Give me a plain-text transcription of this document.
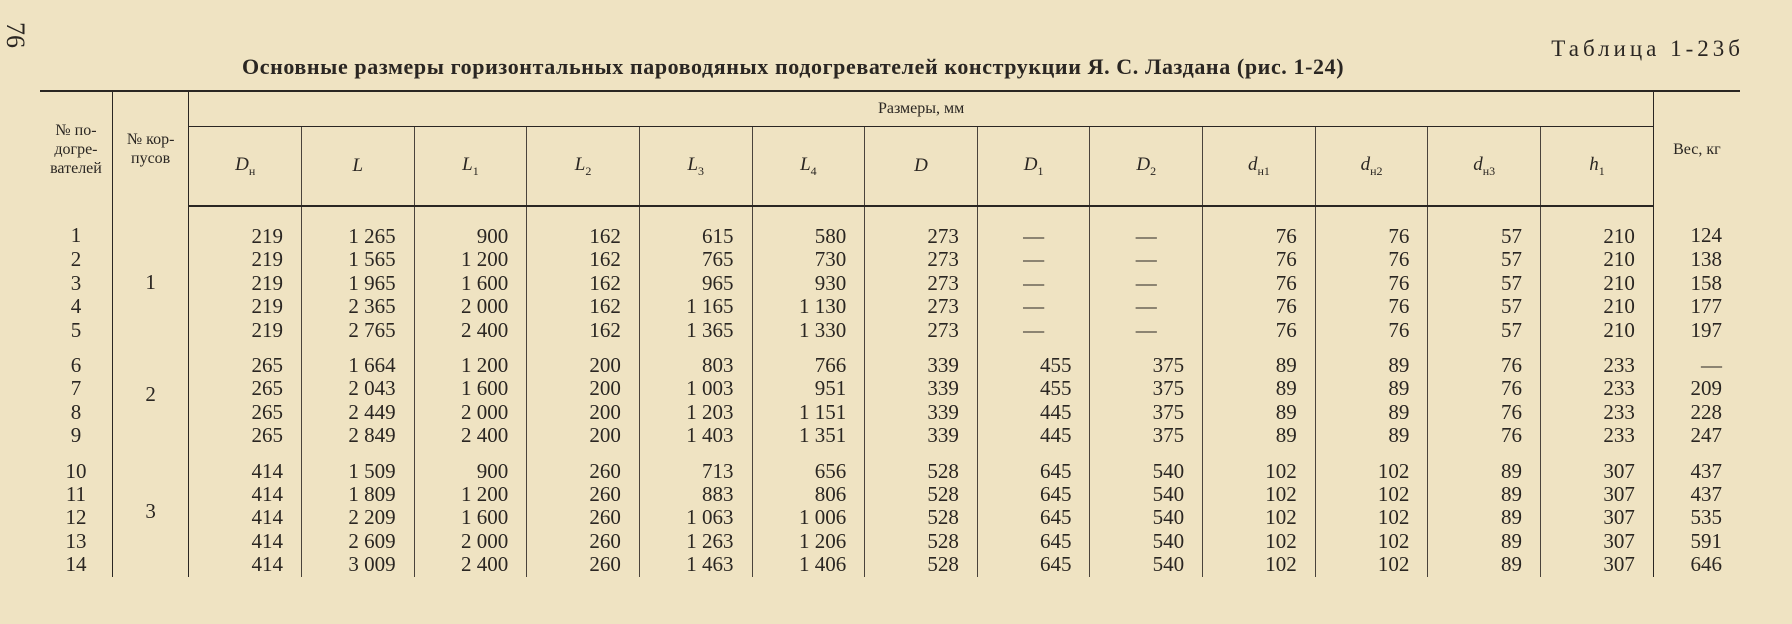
76
Таблица 1-23б
Основные размеры горизонтальных пароводяных подогревателей конструкции Я. С. Лаздана (рис. 1-24)
№ по-догре-вателей	№ кор-пусов	Размеры, мм													Вес, кг
		$D_н$	L	$L_1$	$L_2$	$L_3$	$L_4$	D	$D_1$	$D_2$	$d_{н1}$	$d_{н2}$	$d_{н3}$	$h_1$
1	1	219	1 265	900	162	615	580	273	—	—	76	76	57	210	124
2		219	1 565	1 200	162	765	730	273	—	—	76	76	57	210	138
3		219	1 965	1 600	162	965	930	273	—	—	76	76	57	210	158
4		219	2 365	2 000	162	1 165	1 130	273	—	—	76	76	57	210	177
5		219	2 765	2 400	162	1 365	1 330	273	—	—	76	76	57	210	197
6	2	265	1 664	1 200	200	803	766	339	455	375	89	89	76	233	—
7		265	2 043	1 600	200	1 003	951	339	455	375	89	89	76	233	209
8		265	2 449	2 000	200	1 203	1 151	339	445	375	89	89	76	233	228
9		265	2 849	2 400	200	1 403	1 351	339	445	375	89	89	76	233	247
10	3	414	1 509	900	260	713	656	528	645	540	102	102	89	307	437
11		414	1 809	1 200	260	883	806	528	645	540	102	102	89	307	437
12		414	2 209	1 600	260	1 063	1 006	528	645	540	102	102	89	307	535
13		414	2 609	2 000	260	1 263	1 206	528	645	540	102	102	89	307	591
14		414	3 009	2 400	260	1 463	1 406	528	645	540	102	102	89	307	646
